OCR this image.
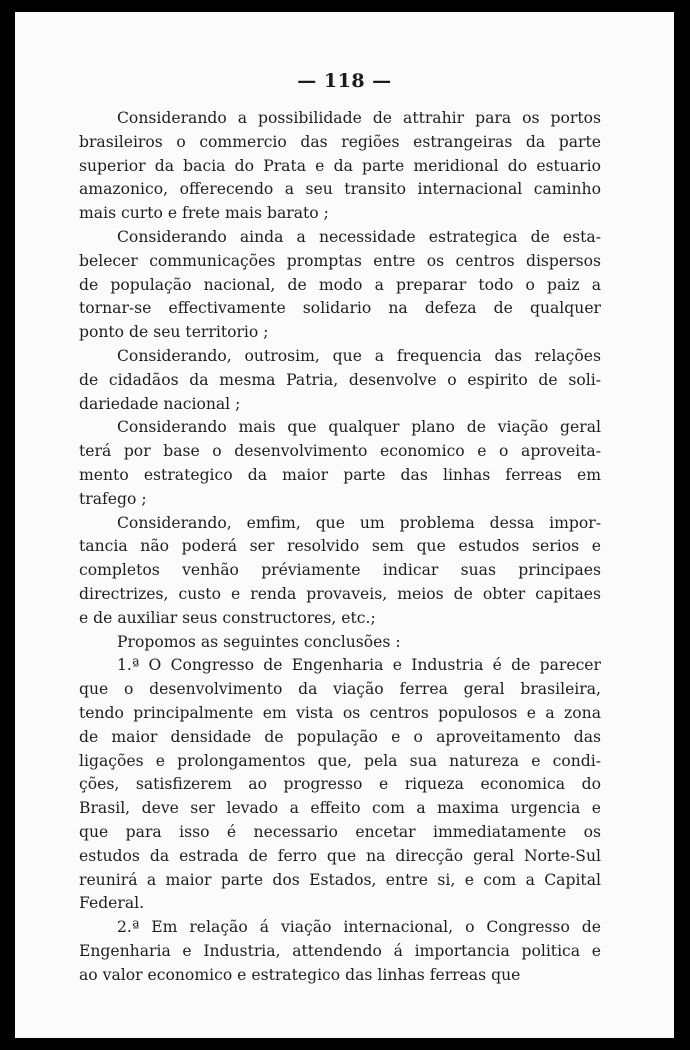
— 118 —

Considerando a possibilidade de attrahir para os portos
brasileiros o commercio das regiões estrangeiras da parte
superior da bacia do Prata e da parte meridional do estuario
amazonico, offerecendo a seu transito internacional caminho
mais curto e frete mais barato ;

Considerando ainda a necessidade estrategica de esta-
belecer communicações promptas entre os centros dispersos
de população nacional, de modo a preparar todo o paiz a
tornar-se effectivamente solidario na defeza de qualquer
ponto de seu territorio ;

Considerando, outrosim, que a frequencia das relações
de cidadãos da mesma Patria, desenvolve o espirito de soli-
dariedade nacional ;

Considerando mais que qualquer plano de viação geral
terá por base o desenvolvimento economico e o aproveita-
mento estrategico da maior parte das linhas ferreas em
trafego ;

Considerando, emfim, que um problema dessa impor-
tancia não poderá ser resolvido sem que estudos serios e
completos venhão préviamente indicar suas principaes
directrizes, custo e renda provaveis, meios de obter capitaes
e de auxiliar seus constructores, etc.;

Propomos as seguintes conclusões :

1.ª O Congresso de Engenharia e Industria é de parecer
que o desenvolvimento da viação ferrea geral brasileira,
tendo principalmente em vista os centros populosos e a zona
de maior densidade de população e o aproveitamento das
ligações e prolongamentos que, pela sua natureza e condi-
ções, satisfizerem ao progresso e riqueza economica do
Brasil, deve ser levado a effeito com a maxima urgencia e
que para isso é necessario encetar immediatamente os
estudos da estrada de ferro que na direcção geral Norte-Sul
reunirá a maior parte dos Estados, entre si, e com a Capital
Federal.

2.ª Em relação á viação internacional, o Congresso de
Engenharia e Industria, attendendo á importancia politica e
ao valor economico e estrategico das linhas ferreas que
